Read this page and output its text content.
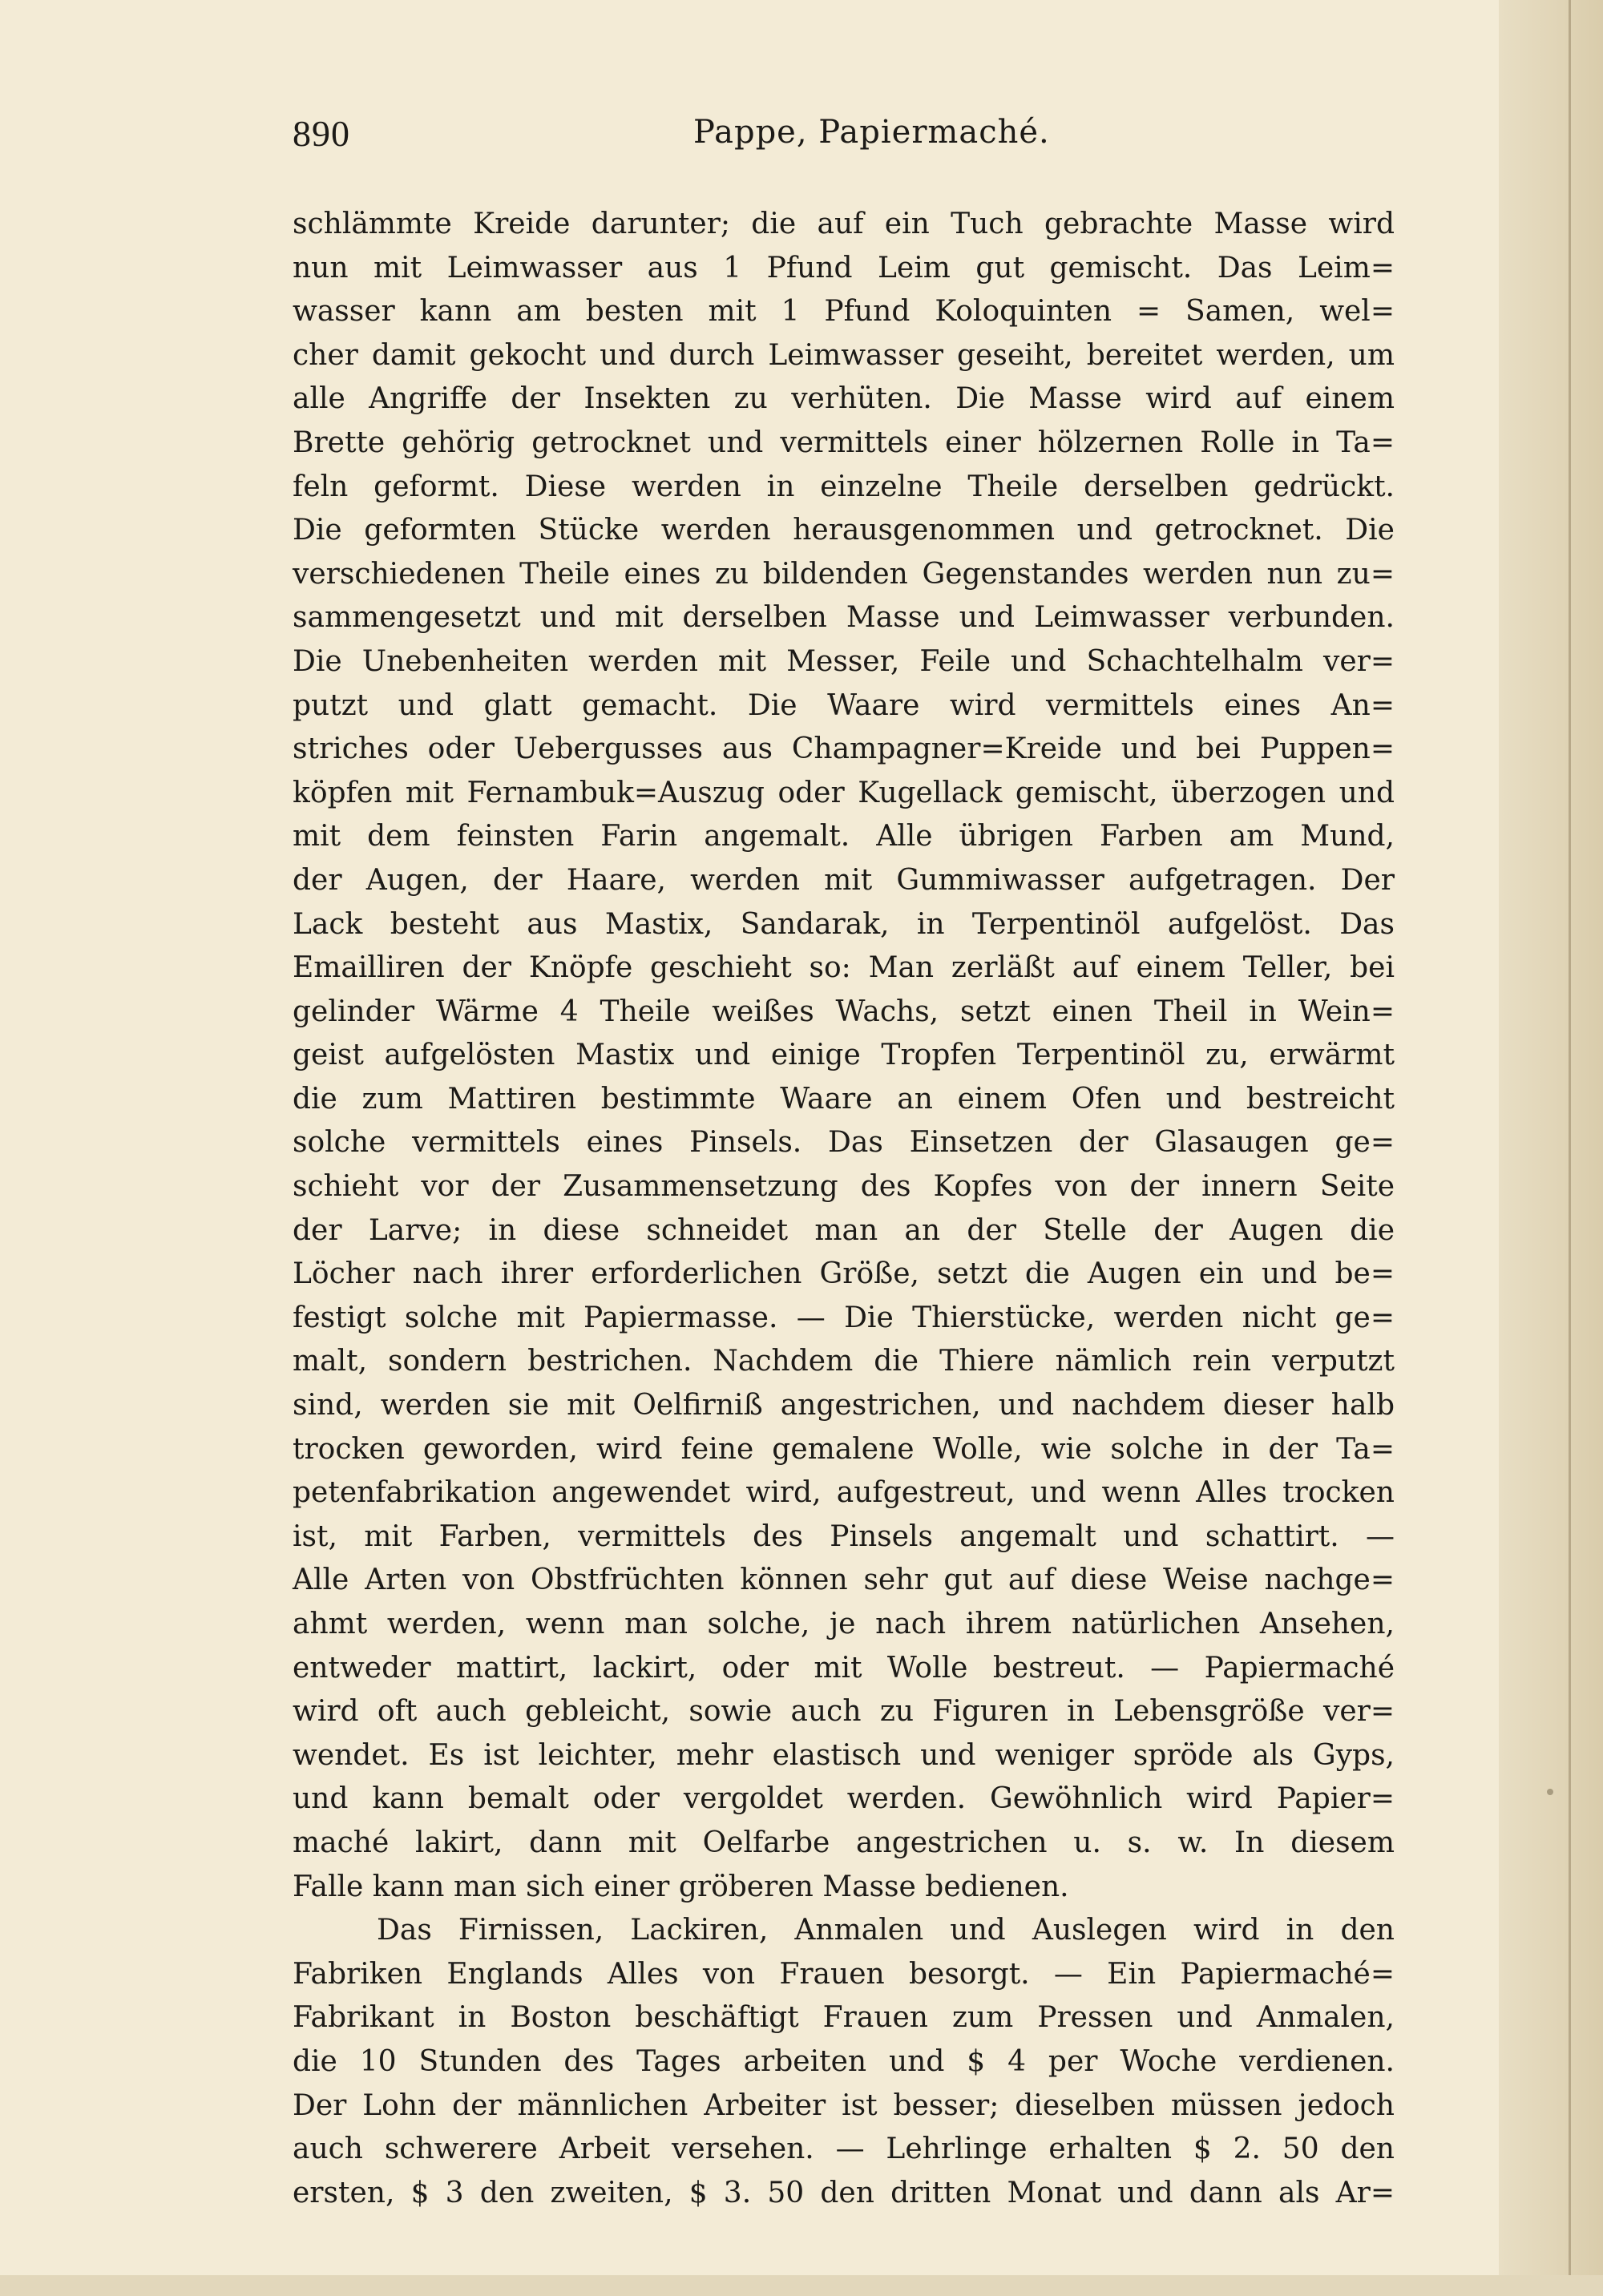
890	Pappe, Papiermaché.
schlämmte Kreide darunter; die auf ein Tuch gebrachte Masse wird
nun mit Leimwasser aus 1 Pfund Leim gut gemischt. Das Leim=
wasser kann am besten mit 1 Pfund Koloquinten = Samen, wel=
cher damit gekocht und durch Leimwasser geseiht, bereitet werden, um
alle Angriffe der Insekten zu verhüten. Die Masse wird auf einem
Brette gehörig getrocknet und vermittels einer hölzernen Rolle in Ta=
feln geformt. Diese werden in einzelne Theile derselben gedrückt.
Die geformten Stücke werden herausgenommen und getrocknet. Die
verschiedenen Theile eines zu bildenden Gegenstandes werden nun zu=
sammengesetzt und mit derselben Masse und Leimwasser verbunden.
Die Unebenheiten werden mit Messer, Feile und Schachtelhalm ver=
putzt und glatt gemacht. Die Waare wird vermittels eines An=
striches oder Uebergusses aus Champagner=Kreide und bei Puppen=
köpfen mit Fernambuk=Auszug oder Kugellack gemischt, überzogen und
mit dem feinsten Farin angemalt. Alle übrigen Farben am Mund,
der Augen, der Haare, werden mit Gummiwasser aufgetragen. Der
Lack besteht aus Mastix, Sandarak, in Terpentinöl aufgelöst. Das
Emailliren der Knöpfe geschieht so: Man zerläßt auf einem Teller, bei
gelinder Wärme 4 Theile weißes Wachs, setzt einen Theil in Wein=
geist aufgelösten Mastix und einige Tropfen Terpentinöl zu, erwärmt
die zum Mattiren bestimmte Waare an einem Ofen und bestreicht
solche vermittels eines Pinsels. Das Einsetzen der Glasaugen ge=
schieht vor der Zusammensetzung des Kopfes von der innern Seite
der Larve; in diese schneidet man an der Stelle der Augen die
Löcher nach ihrer erforderlichen Größe, setzt die Augen ein und be=
festigt solche mit Papiermasse. — Die Thierstücke, werden nicht ge=
malt, sondern bestrichen. Nachdem die Thiere nämlich rein verputzt
sind, werden sie mit Oelfirniß angestrichen, und nachdem dieser halb
trocken geworden, wird feine gemalene Wolle, wie solche in der Ta=
petenfabrikation angewendet wird, aufgestreut, und wenn Alles trocken
ist, mit Farben, vermittels des Pinsels angemalt und schattirt. —
Alle Arten von Obstfrüchten können sehr gut auf diese Weise nachge=
ahmt werden, wenn man solche, je nach ihrem natürlichen Ansehen,
entweder mattirt, lackirt, oder mit Wolle bestreut. — Papiermaché
wird oft auch gebleicht, sowie auch zu Figuren in Lebensgröße ver=
wendet. Es ist leichter, mehr elastisch und weniger spröde als Gyps,
und kann bemalt oder vergoldet werden. Gewöhnlich wird Papier=
maché lakirt, dann mit Oelfarbe angestrichen u. s. w. In diesem
Falle kann man sich einer gröberen Masse bedienen.
Das Firnissen, Lackiren, Anmalen und Auslegen wird in den
Fabriken Englands Alles von Frauen besorgt. — Ein Papiermaché=
Fabrikant in Boston beschäftigt Frauen zum Pressen und Anmalen,
die 10 Stunden des Tages arbeiten und $ 4 per Woche verdienen.
Der Lohn der männlichen Arbeiter ist besser; dieselben müssen jedoch
auch schwerere Arbeit versehen. — Lehrlinge erhalten $ 2. 50 den
ersten, $ 3 den zweiten, $ 3. 50 den dritten Monat und dann als Ar=
